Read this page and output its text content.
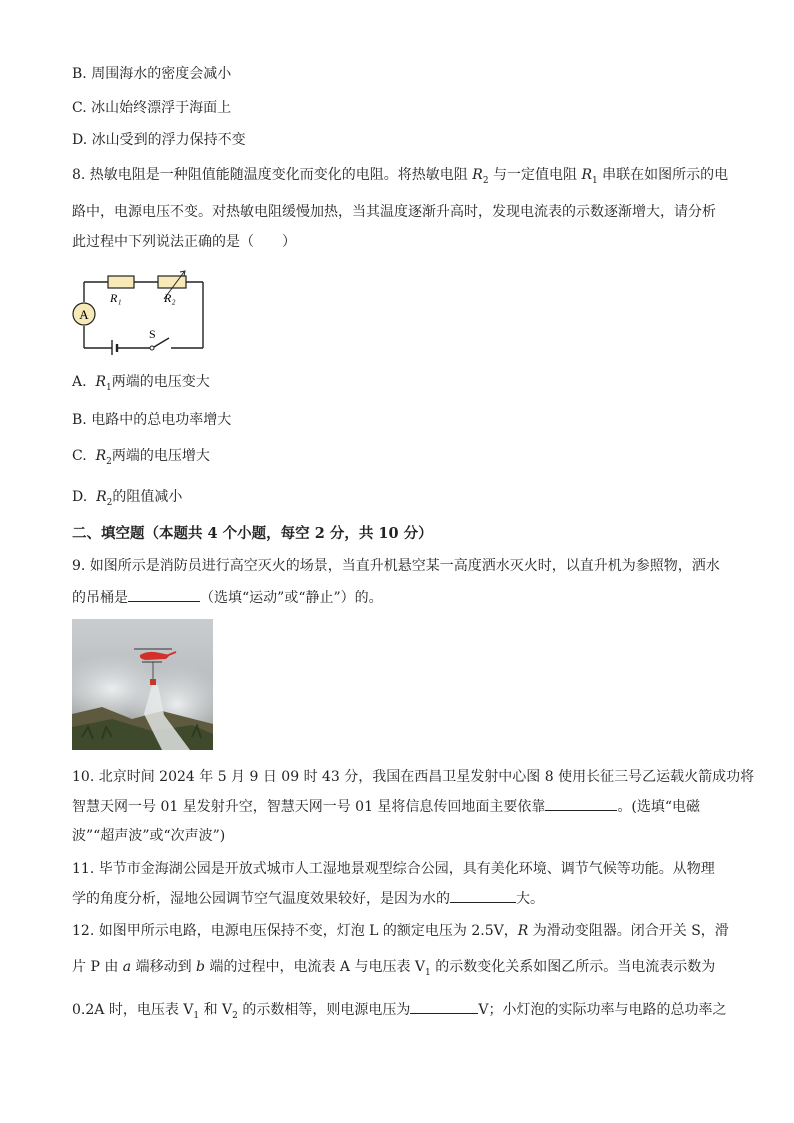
B. 周围海水的密度会减小
C. 冰山始终漂浮于海面上
D. 冰山受到的浮力保持不变
8. 热敏电阻是一种阻值能随温度变化而变化的电阻。将热敏电阻 $R_2$ 与一定值电阻 $R_1$ 串联在如图所示的电
路中，电源电压不变。对热敏电阻缓慢加热，当其温度逐渐升高时，发现电流表的示数逐渐增大，请分析
此过程中下列说法正确的是（　　）
A
R₁	R₂
S
A. $R_1$两端的电压变大
B. 电路中的总电功率增大
C. $R_2$两端的电压增大
D. $R_2$的阻值减小
二、填空题（本题共 4 个小题，每空 2 分，共 10 分）
9. 如图所示是消防员进行高空灭火的场景，当直升机悬空某一高度洒水灭火时，以直升机为参照物，洒水
的吊桶是	（选填“运动”或“静止”）的。
10. 北京时间 2024 年 5 月 9 日 09 时 43 分，我国在西昌卫星发射中心图 8 使用长征三号乙运载火箭成功将
智慧天网一号 01 星发射升空，智慧天网一号 01 星将信息传回地面主要依靠	。(选填“电磁
波”“超声波”或“次声波”)
11. 毕节市金海湖公园是开放式城市人工湿地景观型综合公园，具有美化环境、调节气候等功能。从物理
学的角度分析，湿地公园调节空气温度效果较好，是因为水的	大。
12. 如图甲所示电路，电源电压保持不变，灯泡 L 的额定电压为 2.5V，R 为滑动变阻器。闭合开关 S，滑
片 P 由 a 端移动到 b 端的过程中，电流表 A 与电压表 $V_1$ 的示数变化关系如图乙所示。当电流表示数为
0.2A 时，电压表 $V_1$ 和 $V_2$ 的示数相等，则电源电压为	V；小灯泡的实际功率与电路的总功率之
